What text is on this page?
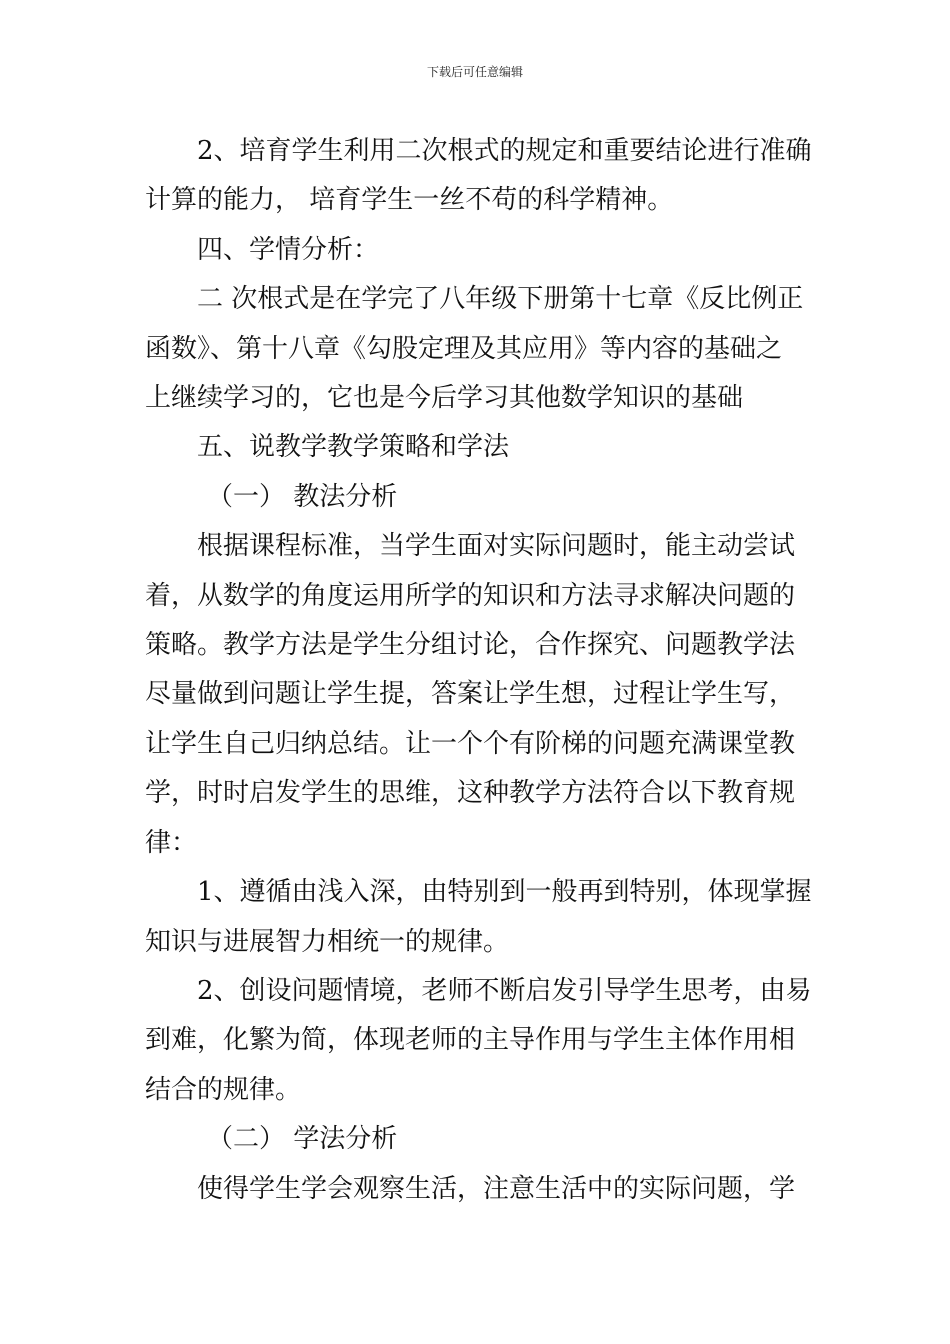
下载后可任意编辑
2、培育学生利用二次根式的规定和重要结论进行准确
计算的能力， 培育学生一丝不苟的科学精神。
四、学情分析：
二 次根式是在学完了八年级下册第十七章《反比例正
函数》、第十八章《勾股定理及其应用》等内容的基础之
上继续学习的，它也是今后学习其他数学知识的基础
五、说教学教学策略和学法
（一） 教法分析
根据课程标准，当学生面对实际问题时，能主动尝试
着，从数学的角度运用所学的知识和方法寻求解决问题的
策略。教学方法是学生分组讨论，合作探究、问题教学法
尽量做到问题让学生提，答案让学生想，过程让学生写，
让学生自己归纳总结。让一个个有阶梯的问题充满课堂教
学，时时启发学生的思维，这种教学方法符合以下教育规
律：
1、遵循由浅入深，由特别到一般再到特别，体现掌握
知识与进展智力相统一的规律。
2、创设问题情境，老师不断启发引导学生思考，由易
到难，化繁为简，体现老师的主导作用与学生主体作用相
结合的规律。
（二） 学法分析
使得学生学会观察生活，注意生活中的实际问题，学
